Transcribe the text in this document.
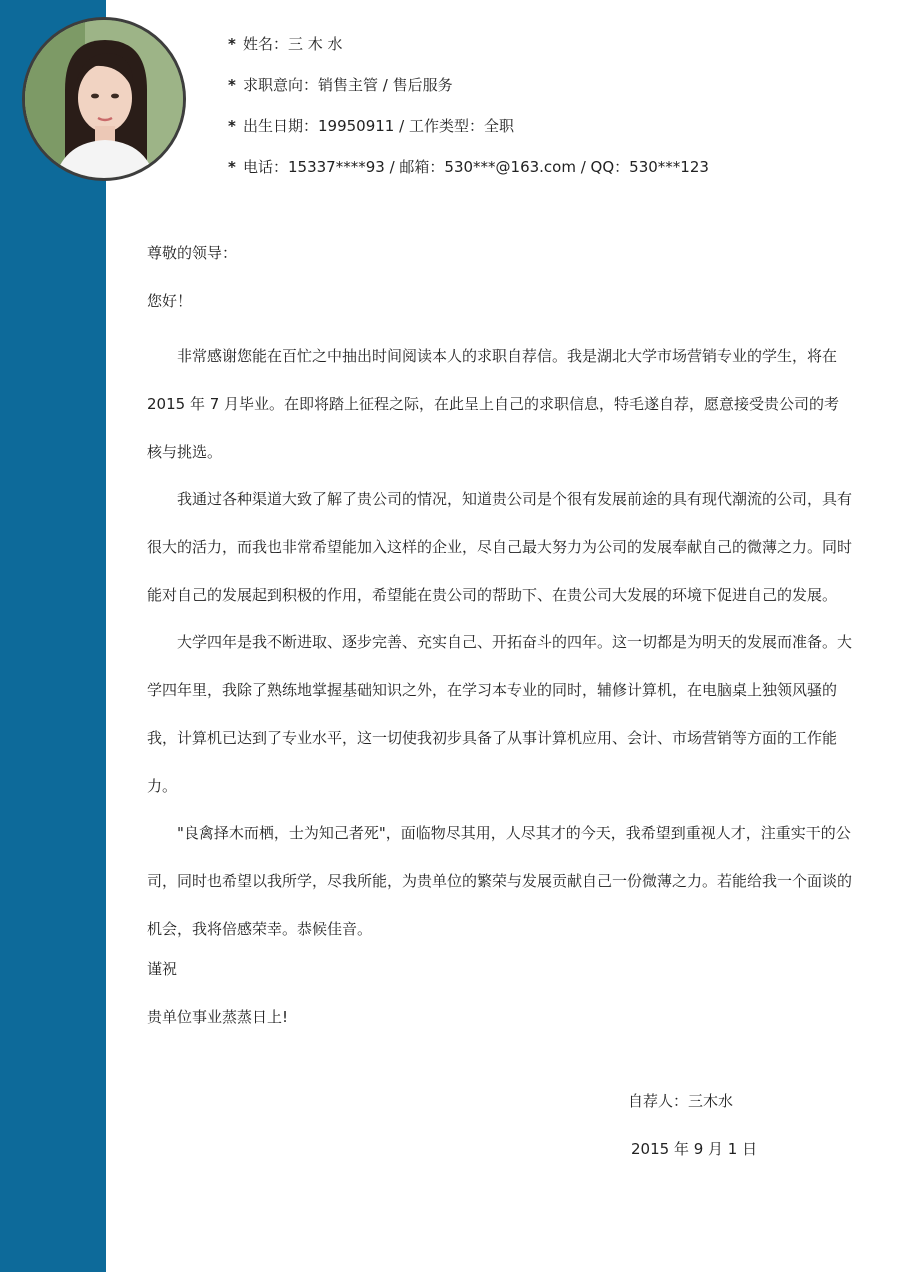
* 姓名：三 木 水
* 求职意向：销售主管 / 售后服务
* 出生日期：19950911 / 工作类型：全职
* 电话：15337****93 / 邮箱：530***@163.com / QQ：530***123

尊敬的领导：

您好！

非常感谢您能在百忙之中抽出时间阅读本人的求职自荐信。我是湖北大学市场营销专业的学生，将在 2015 年 7 月毕业。在即将踏上征程之际，在此呈上自己的求职信息，特毛遂自荐，愿意接受贵公司的考核与挑选。

我通过各种渠道大致了解了贵公司的情况，知道贵公司是个很有发展前途的具有现代潮流的公司，具有很大的活力，而我也非常希望能加入这样的企业，尽自己最大努力为公司的发展奉献自己的微薄之力。同时能对自己的发展起到积极的作用，希望能在贵公司的帮助下、在贵公司大发展的环境下促进自己的发展。

大学四年是我不断进取、逐步完善、充实自己、开拓奋斗的四年。这一切都是为明天的发展而准备。大学四年里，我除了熟练地掌握基础知识之外，在学习本专业的同时，辅修计算机，在电脑桌上独领风骚的我，计算机已达到了专业水平，这一切使我初步具备了从事计算机应用、会计、市场营销等方面的工作能力。

"良禽择木而栖，士为知己者死"，面临物尽其用，人尽其才的今天，我希望到重视人才，注重实干的公司，同时也希望以我所学，尽我所能，为贵单位的繁荣与发展贡献自己一份微薄之力。若能给我一个面谈的机会，我将倍感荣幸。恭候佳音。

谨祝

贵单位事业蒸蒸日上!

自荐人：三木水
2015 年 9 月 1 日
